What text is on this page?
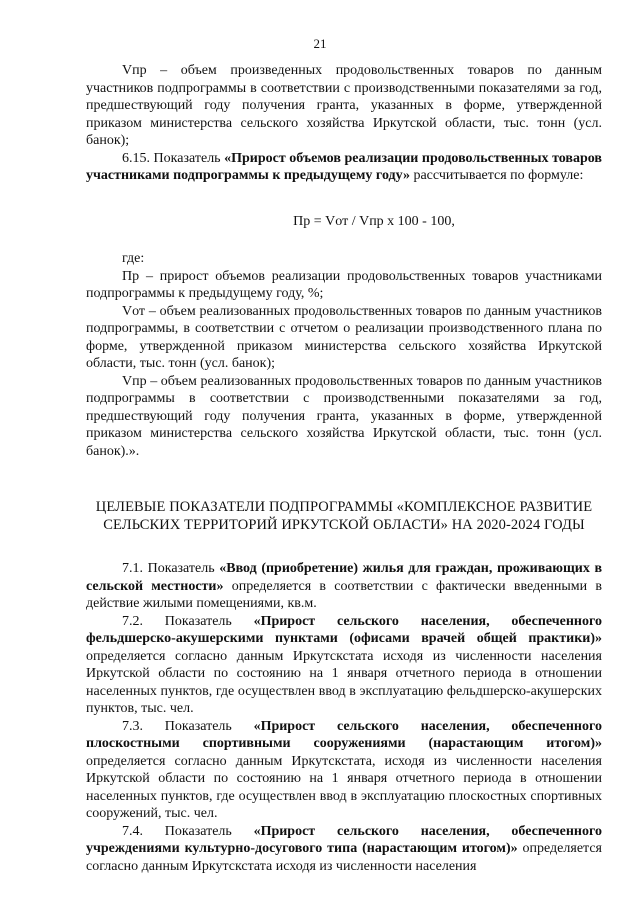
21

Vпр – объем произведенных продовольственных товаров по данным участников подпрограммы в соответствии с производственными показателями за год, предшествующий году получения гранта, указанных в форме, утвержденной приказом министерства сельского хозяйства Иркутской области, тыс. тонн (усл. банок);

6.15. Показатель «Прирост объемов реализации продовольственных товаров участниками подпрограммы к предыдущему году» рассчитывается по формуле:

Пр = Vот / Vпр x 100 - 100,

где:

Пр – прирост объемов реализации продовольственных товаров участниками подпрограммы к предыдущему году, %;

Vот – объем реализованных продовольственных товаров по данным участников подпрограммы, в соответствии с отчетом о реализации производственного плана по форме, утвержденной приказом министерства сельского хозяйства Иркутской области, тыс. тонн (усл. банок);

Vпр – объем реализованных продовольственных товаров по данным участников подпрограммы в соответствии с производственными показателями за год, предшествующий году получения гранта, указанных в форме, утвержденной приказом министерства сельского хозяйства Иркутской области, тыс. тонн (усл. банок).».

ЦЕЛЕВЫЕ ПОКАЗАТЕЛИ ПОДПРОГРАММЫ «КОМПЛЕКСНОЕ РАЗВИТИЕ СЕЛЬСКИХ ТЕРРИТОРИЙ ИРКУТСКОЙ ОБЛАСТИ» НА 2020-2024 ГОДЫ

7.1. Показатель «Ввод (приобретение) жилья для граждан, проживающих в сельской местности» определяется в соответствии с фактически введенными в действие жилыми помещениями, кв.м.

7.2. Показатель «Прирост сельского населения, обеспеченного фельдшерско-акушерскими пунктами (офисами врачей общей практики)» определяется согласно данным Иркутскстата исходя из численности населения Иркутской области по состоянию на 1 января отчетного периода в отношении населенных пунктов, где осуществлен ввод в эксплуатацию фельдшерско-акушерских пунктов, тыс. чел.

7.3. Показатель «Прирост сельского населения, обеспеченного плоскостными спортивными сооружениями (нарастающим итогом)» определяется согласно данным Иркутскстата, исходя из численности населения Иркутской области по состоянию на 1 января отчетного периода в отношении населенных пунктов, где осуществлен ввод в эксплуатацию плоскостных спортивных сооружений, тыс. чел.

7.4. Показатель «Прирост сельского населения, обеспеченного учреждениями культурно-досугового типа (нарастающим итогом)» определяется согласно данным Иркутскстата исходя из численности населения
